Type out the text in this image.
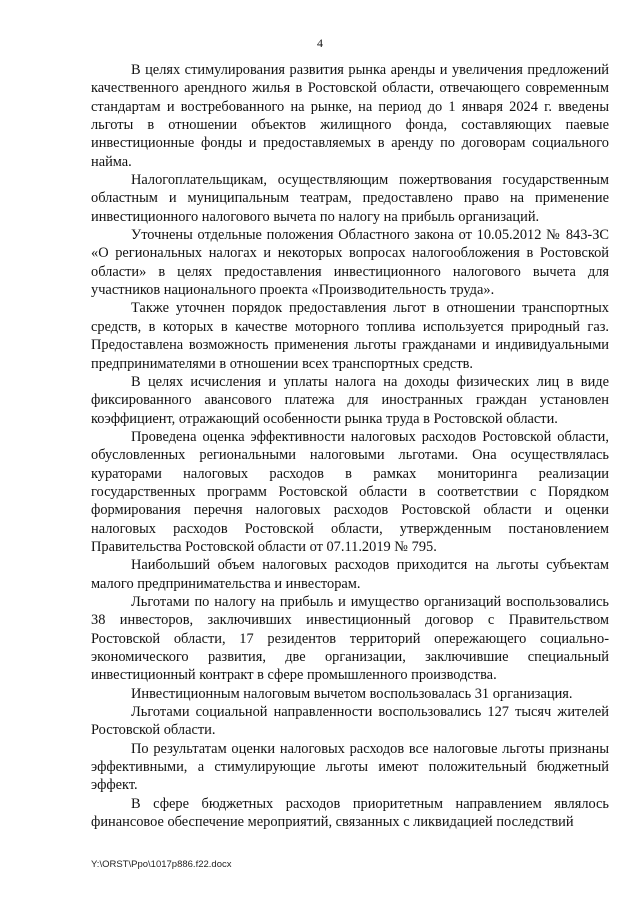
4

В целях стимулирования развития рынка аренды и увеличения предложений качественного арендного жилья в Ростовской области, отвечающего современным стандартам и востребованного на рынке, на период до 1 января 2024 г. введены льготы в отношении объектов жилищного фонда, составляющих паевые инвестиционные фонды и предоставляемых в аренду по договорам социального найма.

Налогоплательщикам, осуществляющим пожертвования государственным областным и муниципальным театрам, предоставлено право на применение инвестиционного налогового вычета по налогу на прибыль организаций.

Уточнены отдельные положения Областного закона от 10.05.2012 № 843-ЗС «О региональных налогах и некоторых вопросах налогообложения в Ростовской области» в целях предоставления инвестиционного налогового вычета для участников национального проекта «Производительность труда».

Также уточнен порядок предоставления льгот в отношении транспортных средств, в которых в качестве моторного топлива используется природный газ. Предоставлена возможность применения льготы гражданами и индивидуальными предпринимателями в отношении всех транспортных средств.

В целях исчисления и уплаты налога на доходы физических лиц в виде фиксированного авансового платежа для иностранных граждан установлен коэффициент, отражающий особенности рынка труда в Ростовской области.

Проведена оценка эффективности налоговых расходов Ростовской области, обусловленных региональными налоговыми льготами. Она осуществлялась кураторами налоговых расходов в рамках мониторинга реализации государственных программ Ростовской области в соответствии с Порядком формирования перечня налоговых расходов Ростовской области и оценки налоговых расходов Ростовской области, утвержденным постановлением Правительства Ростовской области от 07.11.2019 № 795.

Наибольший объем налоговых расходов приходится на льготы субъектам малого предпринимательства и инвесторам.

Льготами по налогу на прибыль и имущество организаций воспользовались 38 инвесторов, заключивших инвестиционный договор с Правительством Ростовской области, 17 резидентов территорий опережающего социально-экономического развития, две организации, заключившие специальный инвестиционный контракт в сфере промышленного производства.

Инвестиционным налоговым вычетом воспользовалась 31 организация.

Льготами социальной направленности воспользовались 127 тысяч жителей Ростовской области.

По результатам оценки налоговых расходов все налоговые льготы признаны эффективными, а стимулирующие льготы имеют положительный бюджетный эффект.

В сфере бюджетных расходов приоритетным направлением являлось финансовое обеспечение мероприятий, связанных с ликвидацией последствий

Y:\ORST\Ppo\1017p886.f22.docx
